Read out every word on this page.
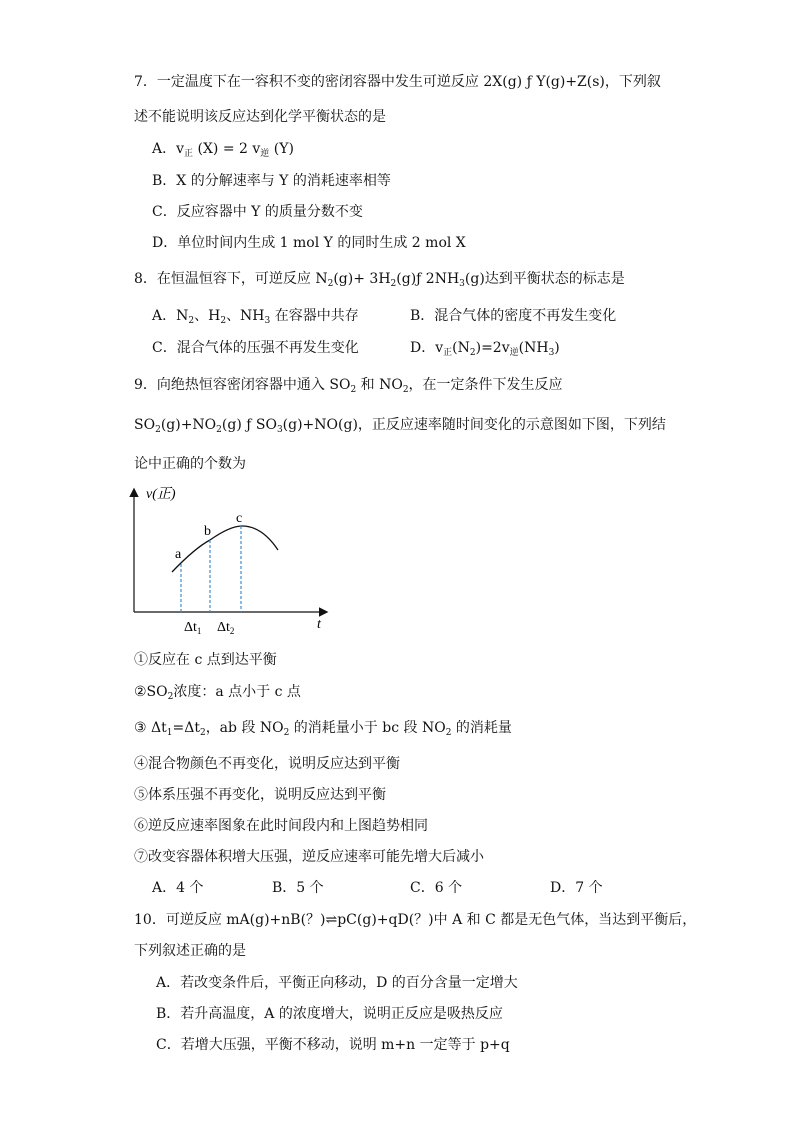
7．一定温度下在一容积不变的密闭容器中发生可逆反应 2X(g) ƒ Y(g)+Z(s)，下列叙
述不能说明该反应达到化学平衡状态的是
A．$v_正$ (X) = 2 $v_逆$ (Y)
B．X 的分解速率与 Y 的消耗速率相等
C．反应容器中 Y 的质量分数不变
D．单位时间内生成 1 mol Y 的同时生成 2 mol X
8．在恒温恒容下，可逆反应 $N_2(g)+$ $3H_2(g)ƒ$ $2NH_3(g)$达到平衡状态的标志是
A．$N_2$、$H_2$、$NH_3$ 在容器中共存	B．混合气体的密度不再发生变化
C．混合气体的压强不再发生变化	D．$v_正(N_2)=2v_逆(NH_3)$
9．向绝热恒容密闭容器中通入 $SO_2$ 和 $NO_2$，在一定条件下发生反应
$SO_2(g)+NO_2(g)$ ƒ $SO_3(g)+NO(g)$，正反应速率随时间变化的示意图如下图，下列结
论中正确的个数为
v(正)
t
a
b
c
$\Delta t_1$ $\Delta t_2$
①反应在 c 点到达平衡
$②SO_2$浓度：a 点小于 c 点
③ $\Delta t_1=\Delta t_2$，ab 段 $NO_2$ 的消耗量小于 bc 段 $NO_2$ 的消耗量
④混合物颜色不再变化，说明反应达到平衡
⑤体系压强不再变化，说明反应达到平衡
⑥逆反应速率图象在此时间段内和上图趋势相同
⑦改变容器体积增大压强，逆反应速率可能先增大后减小
A．4 个	B．5 个	C．6 个	D．7 个
10．可逆反应 mA(g)+nB(？)⇌pC(g)+qD(？)中 A 和 C 都是无色气体，当达到平衡后，
下列叙述正确的是
A．若改变条件后，平衡正向移动，D 的百分含量一定增大
B．若升高温度，A 的浓度增大，说明正反应是吸热反应
C．若增大压强，平衡不移动，说明 m+n 一定等于 p+q
